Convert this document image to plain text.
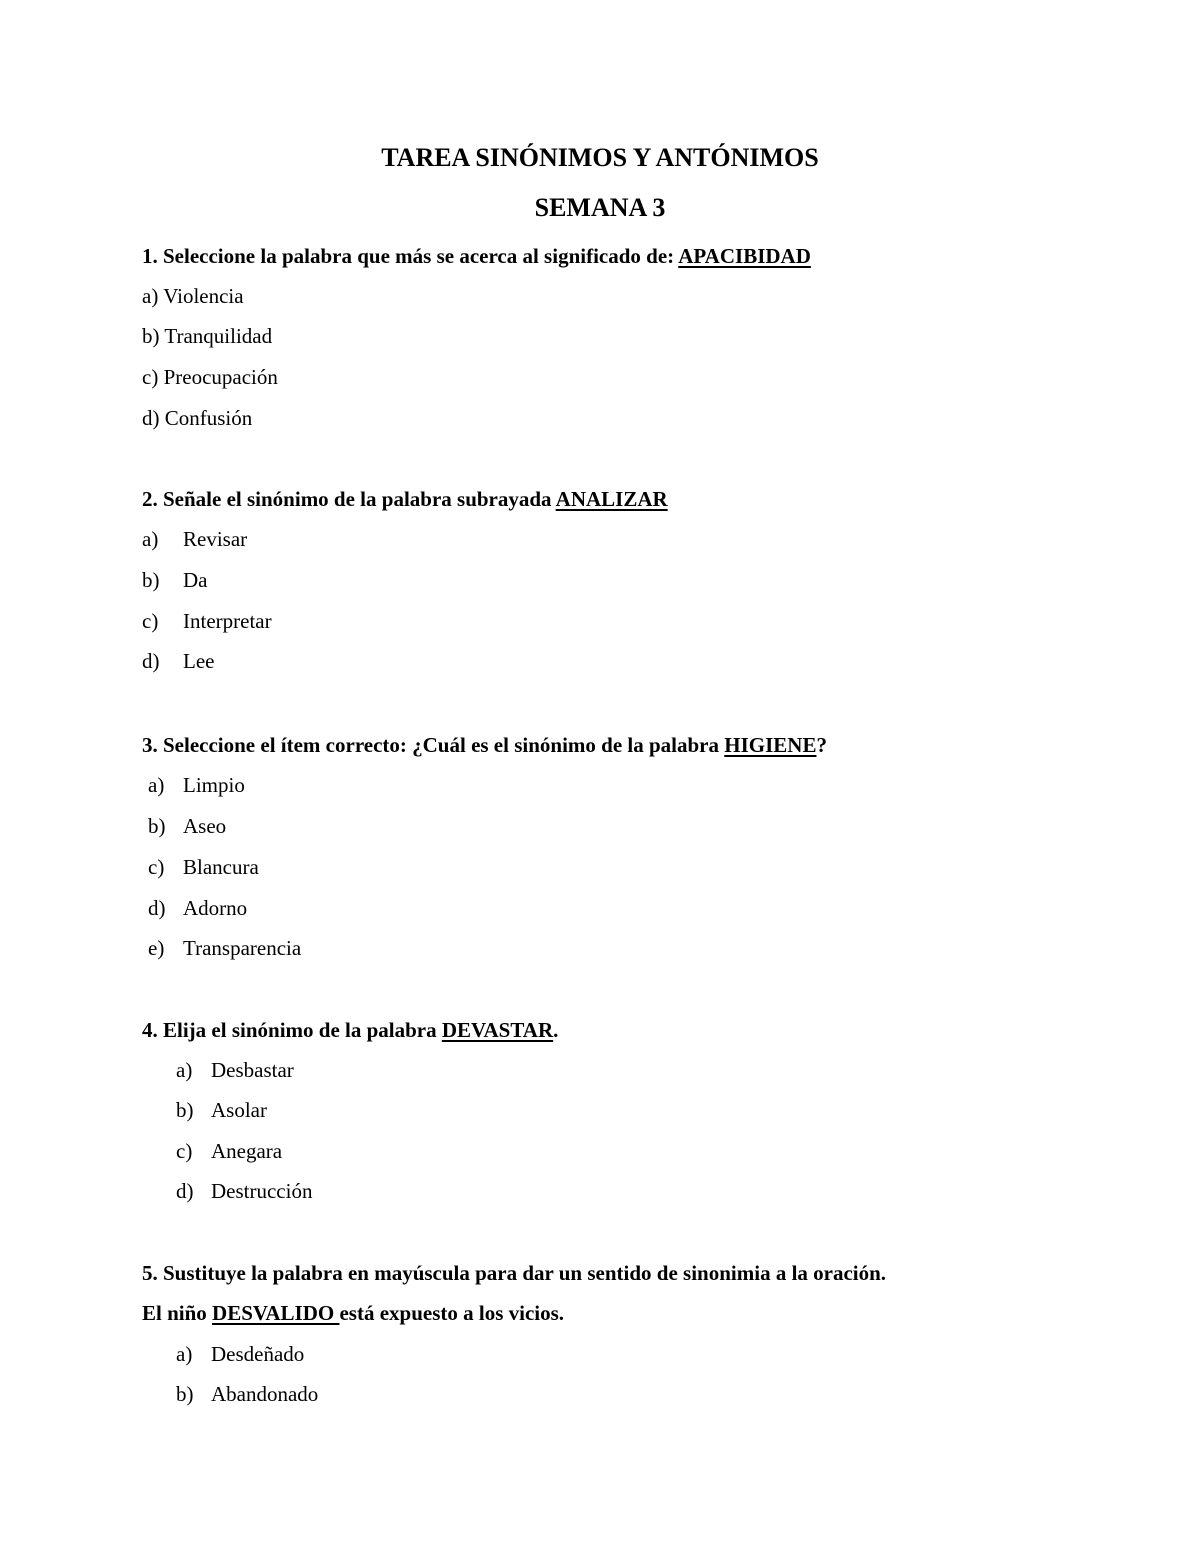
TAREA SINÓNIMOS Y ANTÓNIMOS
SEMANA 3
1. Seleccione la palabra que más se acerca al significado de: APACIBIDAD
a) Violencia
b) Tranquilidad
c) Preocupación
d) Confusión
2. Señale el sinónimo de la palabra subrayada ANALIZAR
a) Revisar
b) Da
c) Interpretar
d) Lee
3. Seleccione el ítem correcto: ¿Cuál es el sinónimo de la palabra HIGIENE?
a) Limpio
b) Aseo
c) Blancura
d) Adorno
e) Transparencia
4. Elija el sinónimo de la palabra DEVASTAR.
a) Desbastar
b) Asolar
c) Anegara
d) Destrucción
5. Sustituye la palabra en mayúscula para dar un sentido de sinonimia a la oración.
El niño DESVALIDO está expuesto a los vicios.
a) Desdeñado
b) Abandonado
